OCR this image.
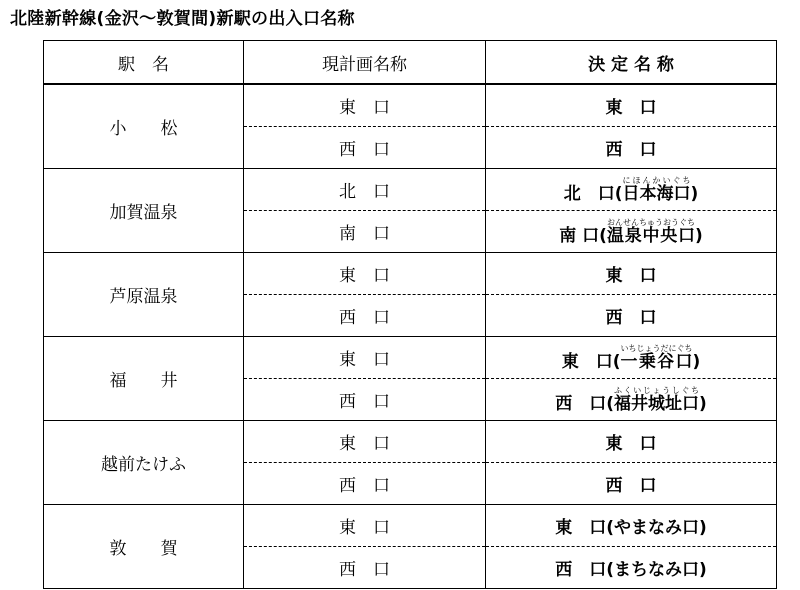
北陸新幹線(金沢～敦賀間)新駅の出入口名称
駅　名	現計画名称	決 定 名 称
小　　松	東　口	東　口
	西　口	西　口
加賀温泉	北　口	北　口(日本海口にほんかいぐち)
	南　口	南 口(温泉中央口おんせんちゅうおうぐち)
芦原温泉	東　口	東　口
	西　口	西　口
福　　井	東　口	東　口(一乗谷口いちじょうだにぐち)
	西　口	西　口(福井城址口ふくいじょうしぐち)
越前たけふ	東　口	東　口
	西　口	西　口
敦　　賀	東　口	東　口(やまなみ口)
	西　口	西　口(まちなみ口)
